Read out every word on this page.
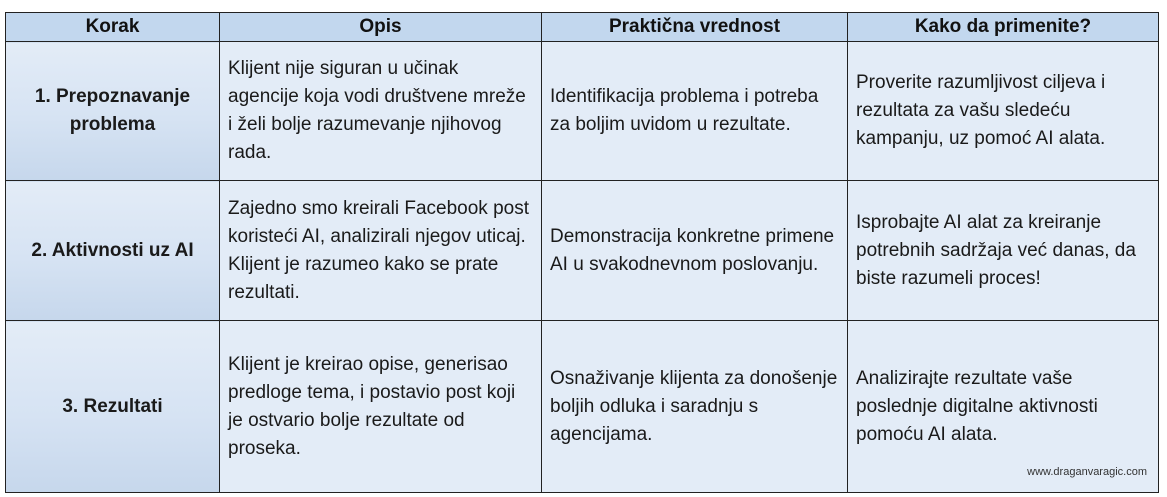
Korak	Opis	Praktična vrednost	Kako da primenite?
1. Prepoznavanje problema	Klijent nije siguran u učinak agencije koja vodi društvene mreže i želi bolje razumevanje njihovog rada.	Identifikacija problema i potreba za boljim uvidom u rezultate.	Proverite razumljivost ciljeva i rezultata za vašu sledeću kampanju, uz pomoć AI alata.
2. Aktivnosti uz AI	Zajedno smo kreirali Facebook post koristeći AI, analizirali njegov uticaj. Klijent je razumeo kako se prate rezultati.	Demonstracija konkretne primene AI u svakodnevnom poslovanju.	Isprobajte AI alat za kreiranje potrebnih sadržaja već danas, da biste razumeli proces!
3. Rezultati	Klijent je kreirao opise, generisao predloge tema, i postavio post koji je ostvario bolje rezultate od proseka.	Osnaživanje klijenta za donošenje boljih odluka i saradnju s agencijama.	Analizirajte rezultate vaše poslednje digitalne aktivnosti pomoću AI alata.
www.draganvaragic.com
